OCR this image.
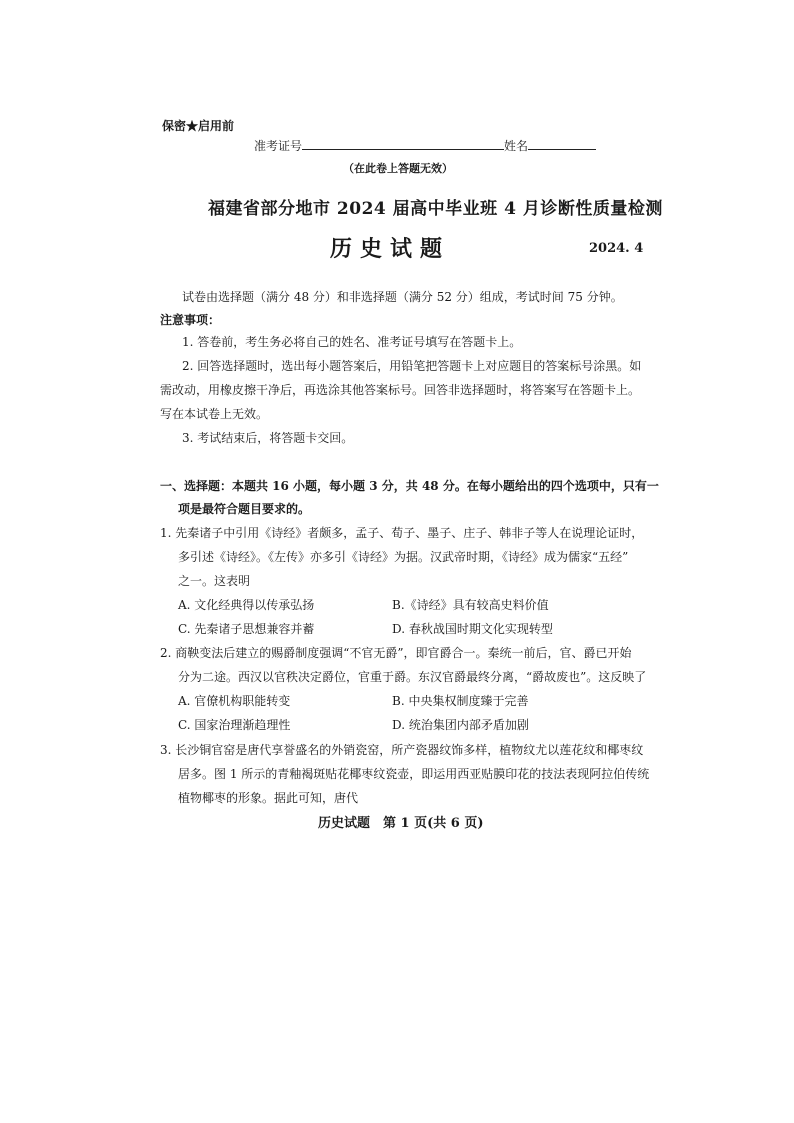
保密★启用前
准考证号	姓名
（在此卷上答题无效）
福建省部分地市 2024 届高中毕业班 4 月诊断性质量检测
历史试题	2024. 4
试卷由选择题（满分 48 分）和非选择题（满分 52 分）组成，考试时间 75 分钟。
注意事项：
1. 答卷前，考生务必将自己的姓名、准考证号填写在答题卡上。
2. 回答选择题时，选出每小题答案后，用铅笔把答题卡上对应题目的答案标号涂黑。如
需改动，用橡皮擦干净后，再选涂其他答案标号。回答非选择题时，将答案写在答题卡上。
写在本试卷上无效。
3. 考试结束后，将答题卡交回。
一、选择题：本题共 16 小题，每小题 3 分，共 48 分。在每小题给出的四个选项中，只有一
项是最符合题目要求的。
1. 先秦诸子中引用《诗经》者颇多，孟子、荀子、墨子、庄子、韩非子等人在说理论证时，
多引述《诗经》。《左传》亦多引《诗经》为据。汉武帝时期，《诗经》成为儒家“五经”
之一。这表明
A. 文化经典得以传承弘扬	B.《诗经》具有较高史料价值
C. 先秦诸子思想兼容并蓄	D. 春秋战国时期文化实现转型
2. 商鞅变法后建立的赐爵制度强调“不官无爵”，即官爵合一。秦统一前后，官、爵已开始
分为二途。西汉以官秩决定爵位，官重于爵。东汉官爵最终分离，“爵故废也”。这反映了
A. 官僚机构职能转变	B. 中央集权制度臻于完善
C. 国家治理渐趋理性	D. 统治集团内部矛盾加剧
3. 长沙铜官窑是唐代享誉盛名的外销瓷窑，所产瓷器纹饰多样，植物纹尤以莲花纹和椰枣纹
居多。图 1 所示的青釉褐斑贴花椰枣纹瓷壶，即运用西亚贴膜印花的技法表现阿拉伯传统
植物椰枣的形象。据此可知，唐代
历史试题　第 1 页(共 6 页)
